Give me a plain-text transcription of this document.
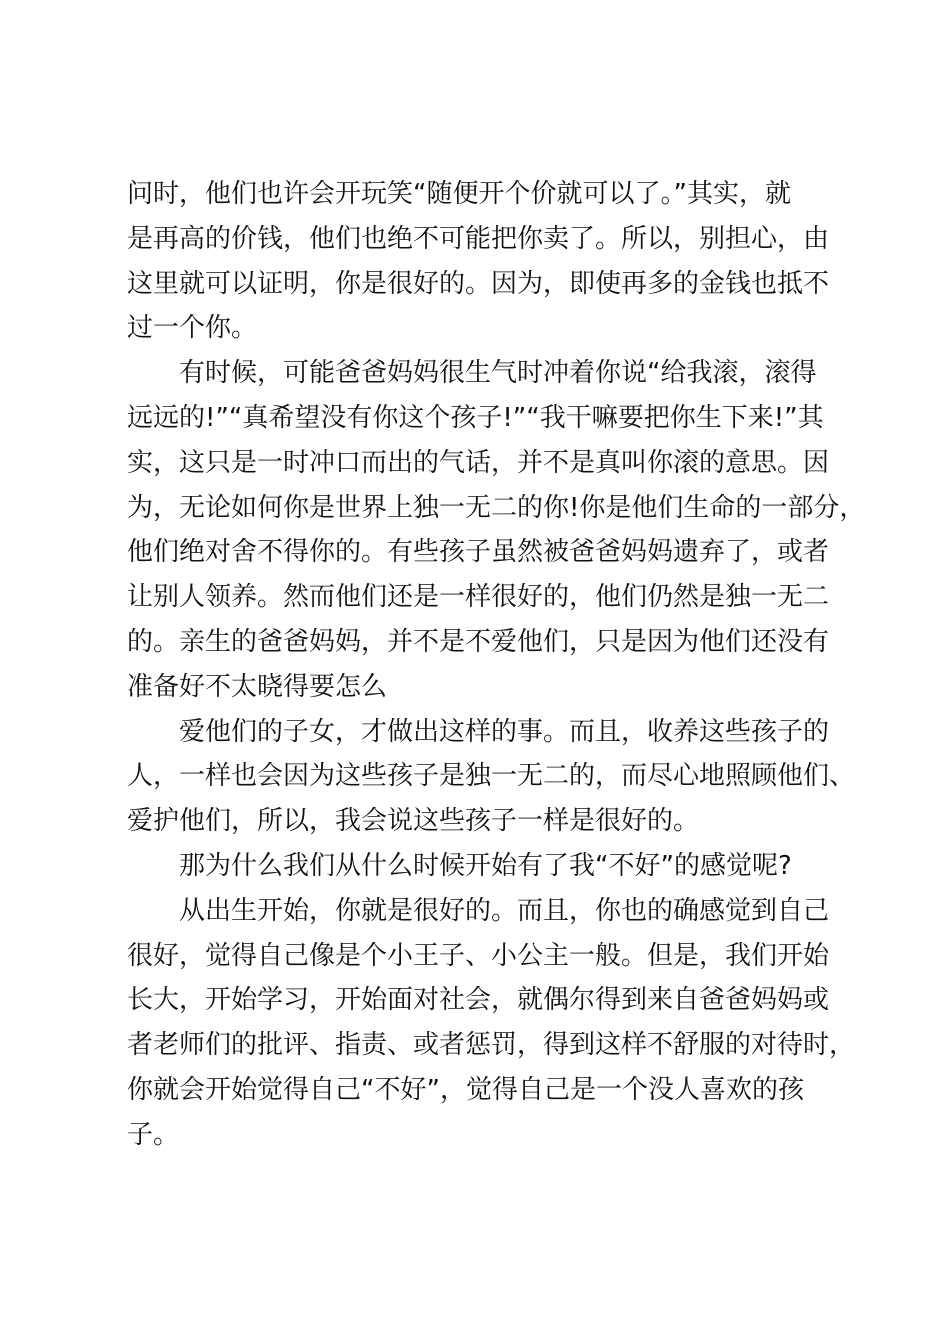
问时，他们也许会开玩笑“随便开个价就可以了。”其实，就
是再高的价钱，他们也绝不可能把你卖了。所以，别担心，由
这里就可以证明，你是很好的。因为，即使再多的金钱也抵不
过一个你。
有时候，可能爸爸妈妈很生气时冲着你说“给我滚，滚得
远远的!”“真希望没有你这个孩子!”“我干嘛要把你生下来!”其
实，这只是一时冲口而出的气话，并不是真叫你滚的意思。因
为，无论如何你是世界上独一无二的你!你是他们生命的一部分，
他们绝对舍不得你的。有些孩子虽然被爸爸妈妈遗弃了，或者
让别人领养。然而他们还是一样很好的，他们仍然是独一无二
的。亲生的爸爸妈妈，并不是不爱他们，只是因为他们还没有
准备好不太晓得要怎么
爱他们的子女，才做出这样的事。而且，收养这些孩子的
人，一样也会因为这些孩子是独一无二的，而尽心地照顾他们、
爱护他们，所以，我会说这些孩子一样是很好的。
那为什么我们从什么时候开始有了我“不好”的感觉呢?
从出生开始，你就是很好的。而且，你也的确感觉到自己
很好，觉得自己像是个小王子、小公主一般。但是，我们开始
长大，开始学习，开始面对社会，就偶尔得到来自爸爸妈妈或
者老师们的批评、指责、或者惩罚，得到这样不舒服的对待时，
你就会开始觉得自己“不好”，觉得自己是一个没人喜欢的孩
子。
